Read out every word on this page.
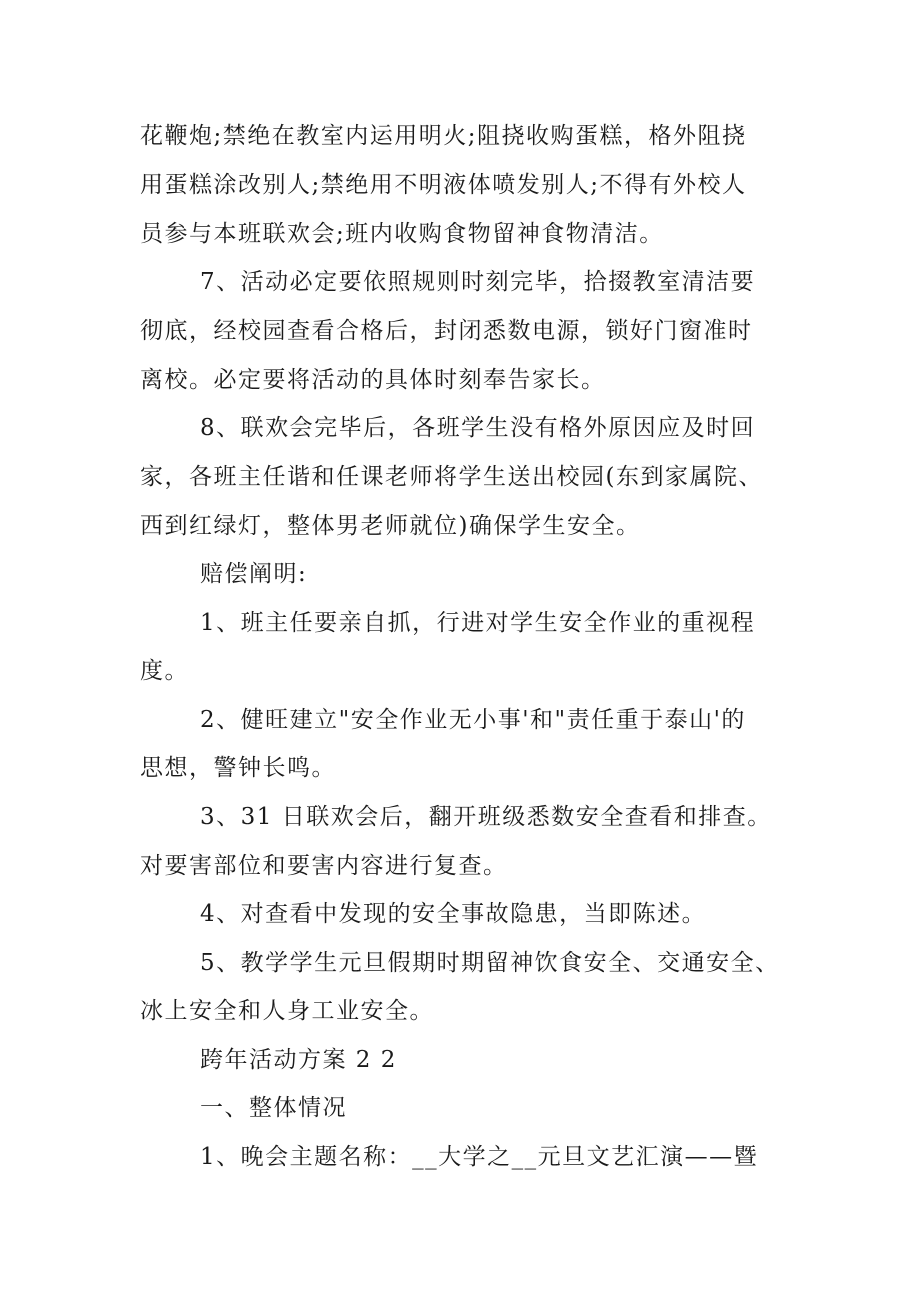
花鞭炮;禁绝在教室内运用明火;阻挠收购蛋糕，格外阻挠
用蛋糕涂改别人;禁绝用不明液体喷发别人;不得有外校人
员参与本班联欢会;班内收购食物留神食物清洁。
7、活动必定要依照规则时刻完毕，拾掇教室清洁要
彻底，经校园查看合格后，封闭悉数电源，锁好门窗准时
离校。必定要将活动的具体时刻奉告家长。
8、联欢会完毕后，各班学生没有格外原因应及时回
家，各班主任谐和任课老师将学生送出校园(东到家属院、
西到红绿灯，整体男老师就位)确保学生安全。
赔偿阐明:
1、班主任要亲自抓，行进对学生安全作业的重视程
度。
2、健旺建立"安全作业无小事'和"责任重于泰山'的
思想，警钟长鸣。
3、31 日联欢会后，翻开班级悉数安全查看和排查。
对要害部位和要害内容进行复查。
4、对查看中发现的安全事故隐患，当即陈述。
5、教学学生元旦假期时期留神饮食安全、交通安全、
冰上安全和人身工业安全。
跨年活动方案 2 2
一、整体情况
1、晚会主题名称：__大学之__元旦文艺汇演——暨
